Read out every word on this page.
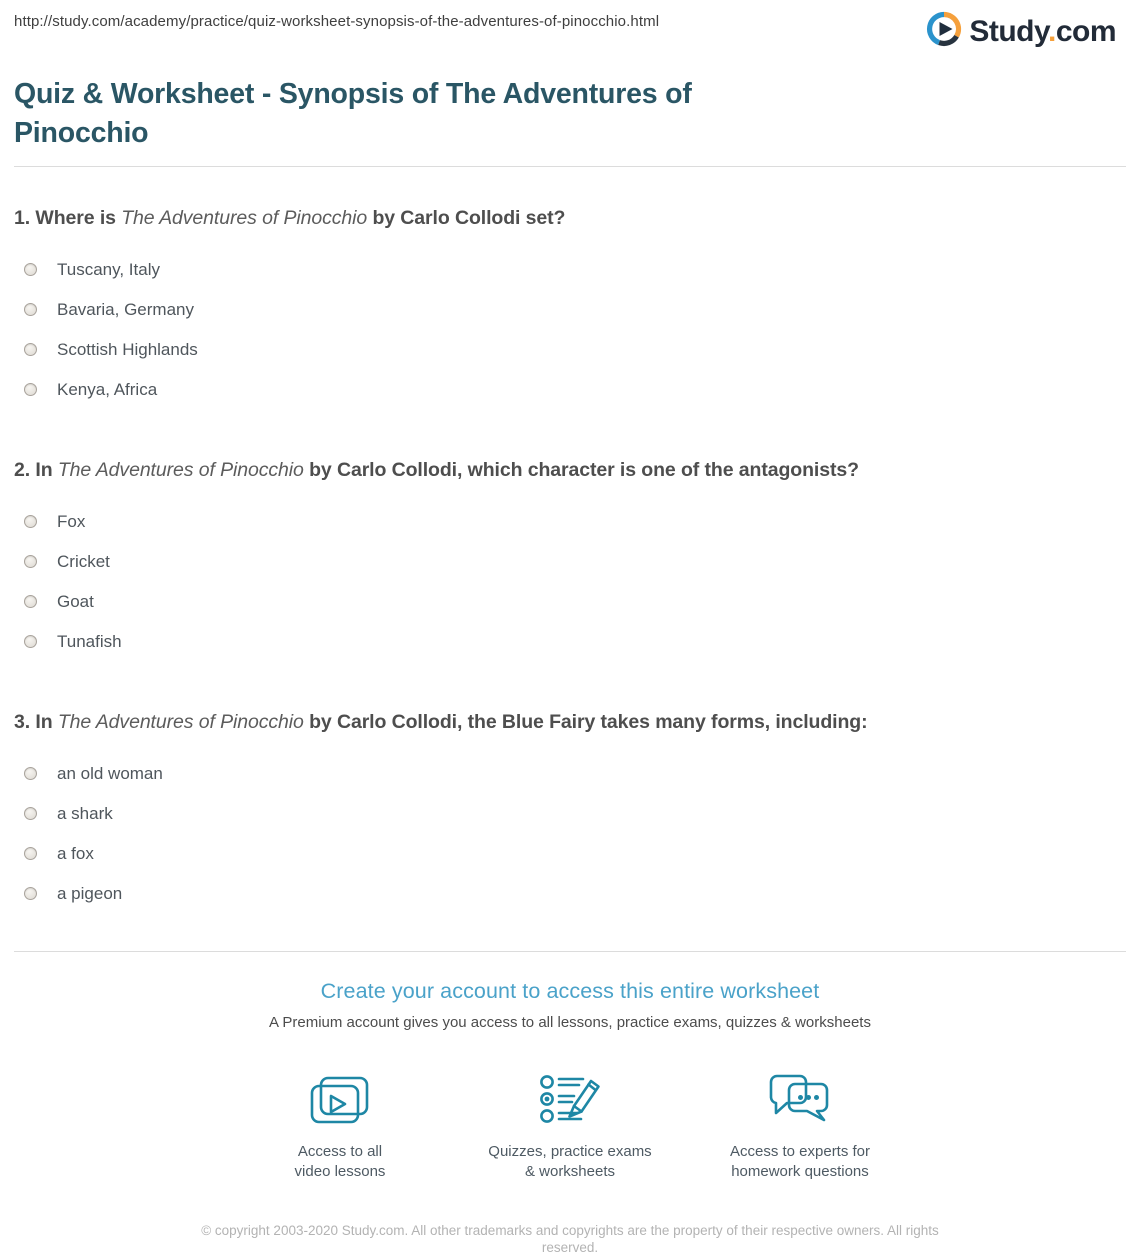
http://study.com/academy/practice/quiz-worksheet-synopsis-of-the-adventures-of-pinocchio.html	Study.com
Quiz & Worksheet - Synopsis of The Adventures of Pinocchio
1. Where is The Adventures of Pinocchio by Carlo Collodi set?
Tuscany, Italy
Bavaria, Germany
Scottish Highlands
Kenya, Africa
2. In The Adventures of Pinocchio by Carlo Collodi, which character is one of the antagonists?
Fox
Cricket
Goat
Tunafish
3. In The Adventures of Pinocchio by Carlo Collodi, the Blue Fairy takes many forms, including:
an old woman
a shark
a fox
a pigeon
Create your account to access this entire worksheet
A Premium account gives you access to all lessons, practice exams, quizzes & worksheets
Access to all
video lessons
Quizzes, practice exams
& worksheets
Access to experts for
homework questions
© copyright 2003-2020 Study.com. All other trademarks and copyrights are the property of their respective owners. All rights reserved.
